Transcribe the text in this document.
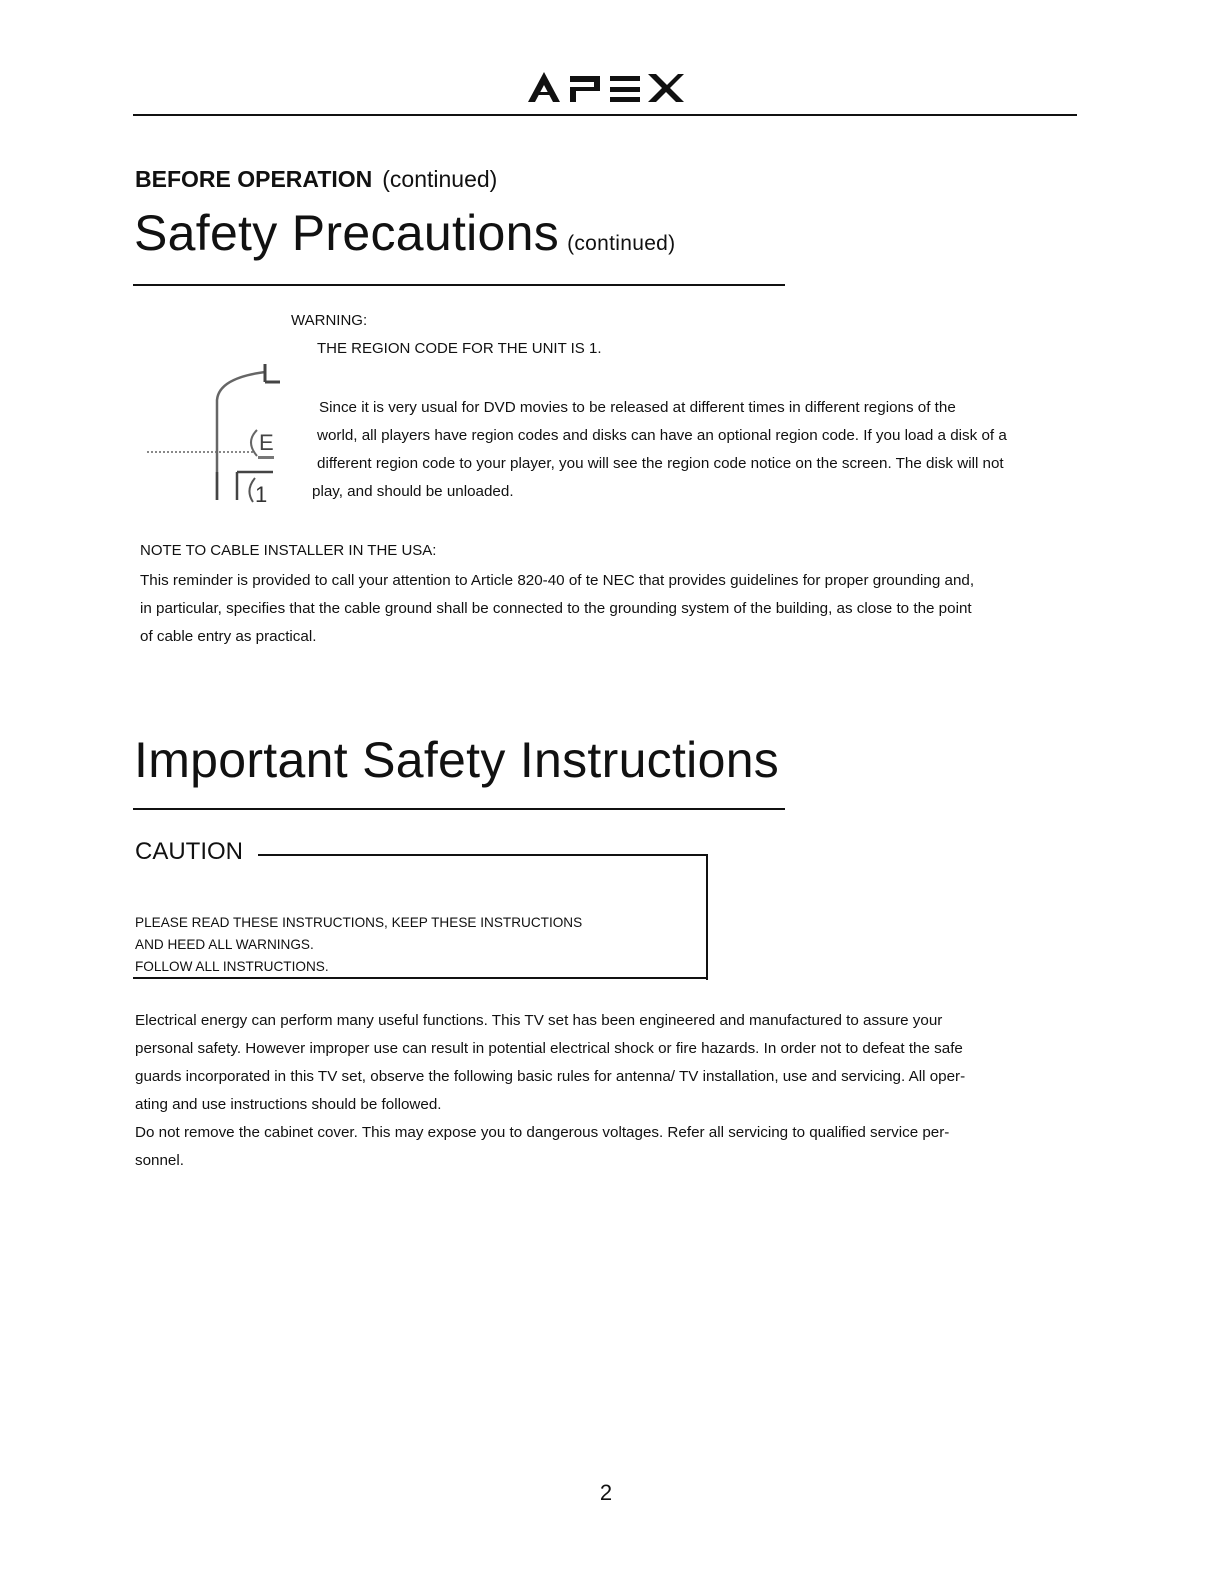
BEFORE OPERATION (continued)
Safety Precautions (continued)
WARNING:
THE REGION CODE FOR THE UNIT IS 1.
E
1
Since it is very usual for DVD movies to be released at different times in different regions of the
world, all players have region codes and disks can have an optional region code. If you load a disk of a
different region code to your player, you will see the region code notice on the screen. The disk will not
play, and should be unloaded.
NOTE TO CABLE INSTALLER IN THE USA:
This reminder is provided to call your attention to Article 820-40 of te NEC that provides guidelines for proper grounding and,
in particular, specifies that the cable ground shall be connected to the grounding system of the building, as close to the point
of cable entry as practical.
Important Safety Instructions
CAUTION
PLEASE READ THESE INSTRUCTIONS, KEEP THESE INSTRUCTIONS
AND HEED ALL WARNINGS.
FOLLOW ALL INSTRUCTIONS.
Electrical energy can perform many useful functions. This TV set has been engineered and manufactured to assure your
personal safety. However improper use can result in potential electrical shock or fire hazards. In order not to defeat the safe
guards incorporated in this TV set, observe the following basic rules for antenna/ TV installation, use and servicing. All oper-
ating and use instructions should be followed.
Do not remove the cabinet cover. This may expose you to dangerous voltages. Refer all servicing to qualified service per-
sonnel.
2
